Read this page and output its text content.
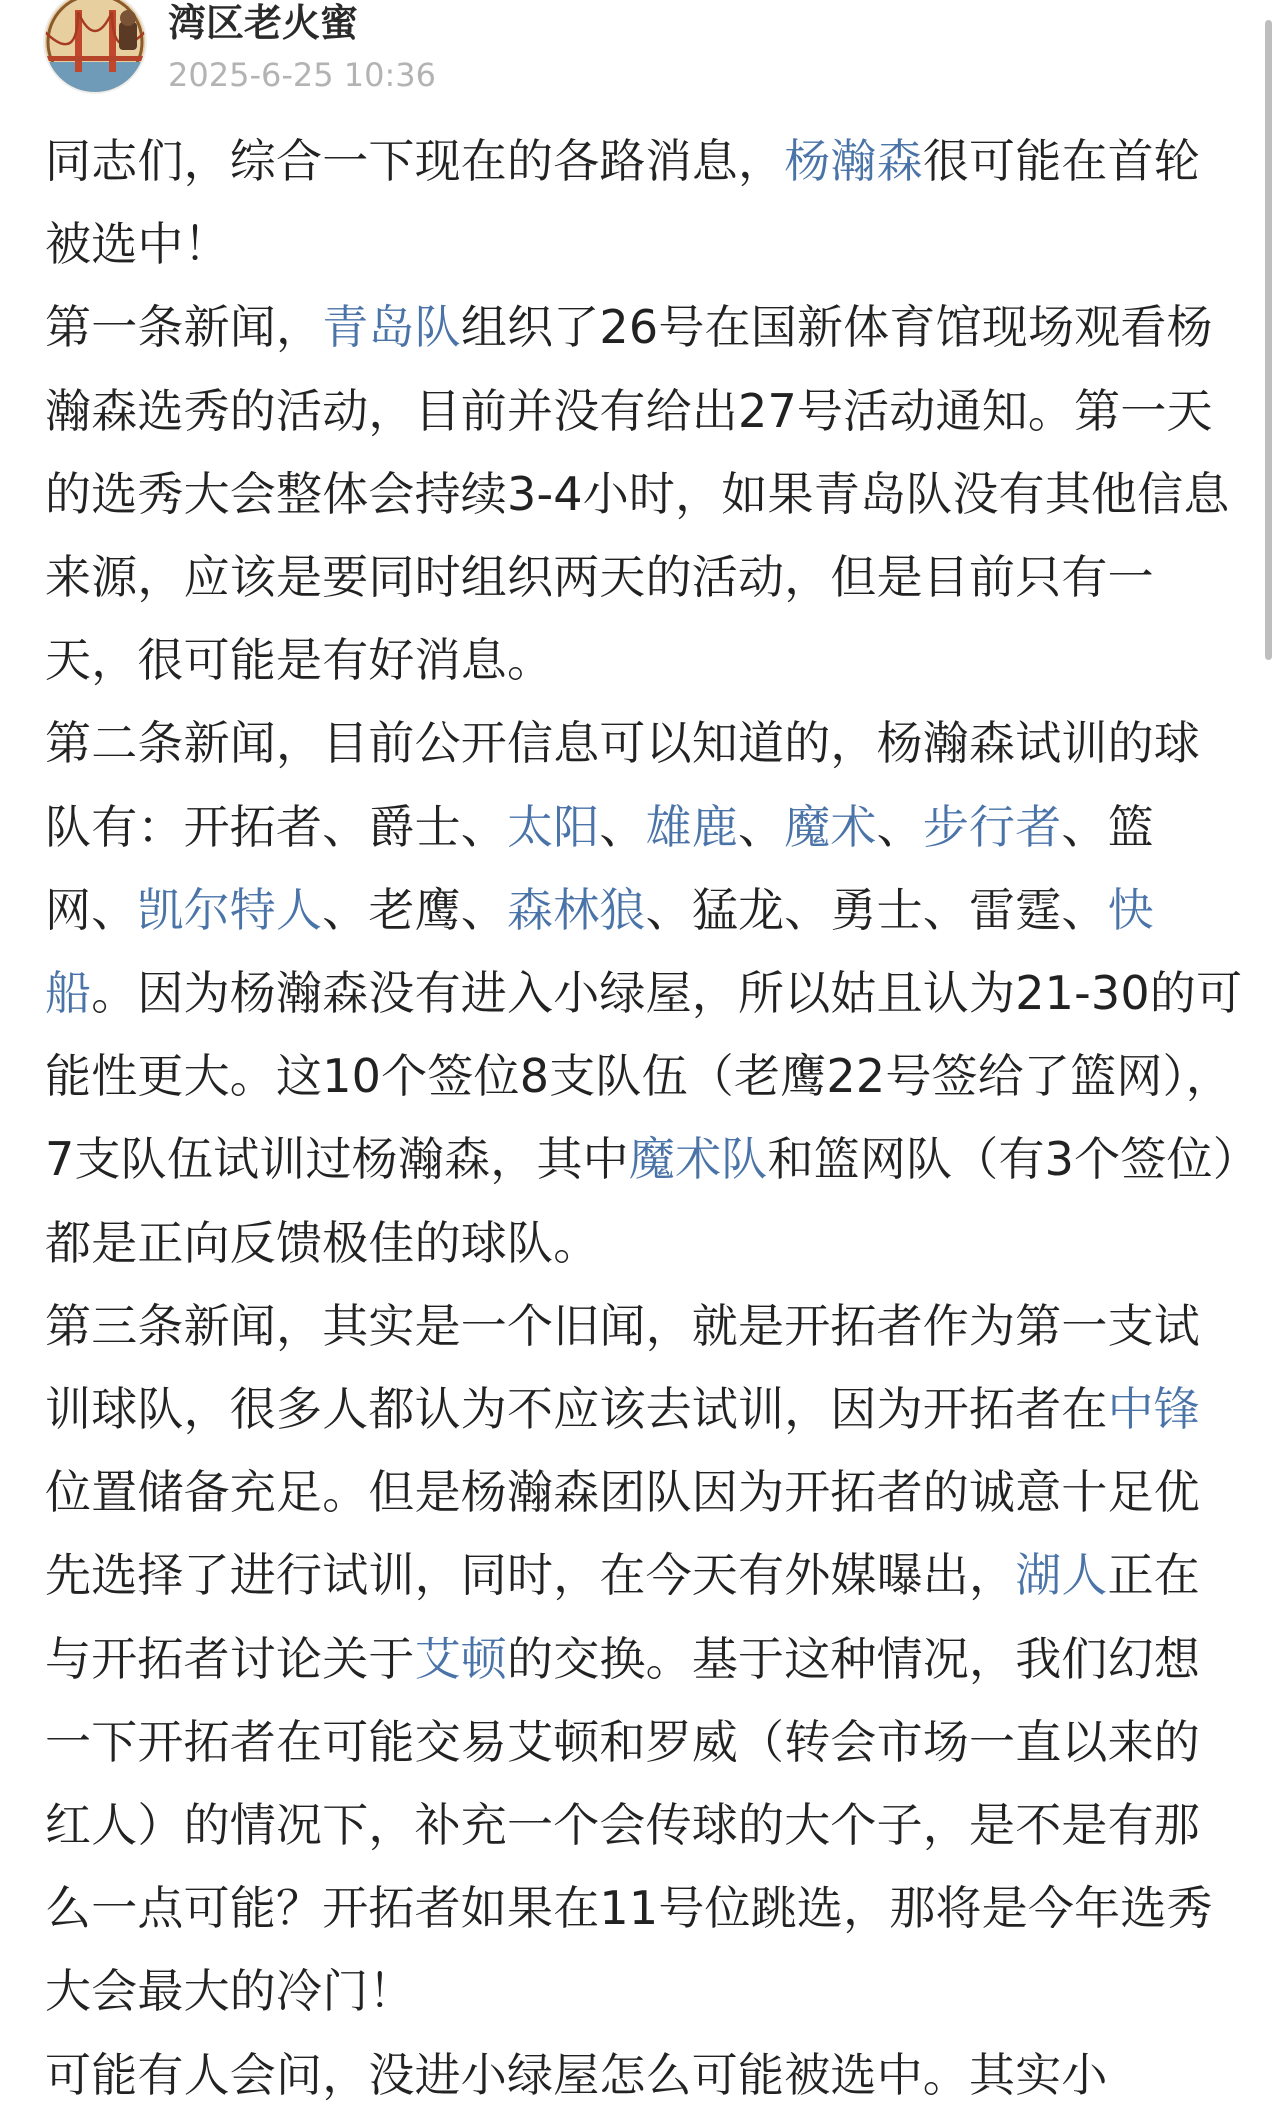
湾区老火蜜
2025-6-25 10:36

同志们，综合一下现在的各路消息，杨瀚森很可能在首轮被选中！

第一条新闻，青岛队组织了26号在国新体育馆现场观看杨瀚森选秀的活动，目前并没有给出27号活动通知。第一天的选秀大会整体会持续3-4小时，如果青岛队没有其他信息来源，应该是要同时组织两天的活动，但是目前只有一天，很可能是有好消息。

第二条新闻，目前公开信息可以知道的，杨瀚森试训的球队有：开拓者、爵士、太阳、雄鹿、魔术、步行者、篮网、凯尔特人、老鹰、森林狼、猛龙、勇士、雷霆、快船。因为杨瀚森没有进入小绿屋，所以姑且认为21-30的可能性更大。这10个签位8支队伍（老鹰22号签给了篮网），7支队伍试训过杨瀚森，其中魔术队和篮网队（有3个签位）都是正向反馈极佳的球队。

第三条新闻，其实是一个旧闻，就是开拓者作为第一支试训球队，很多人都认为不应该去试训，因为开拓者在中锋位置储备充足。但是杨瀚森团队因为开拓者的诚意十足优先选择了进行试训，同时，在今天有外媒曝出，湖人正在与开拓者讨论关于艾顿的交换。基于这种情况，我们幻想一下开拓者在可能交易艾顿和罗威（转会市场一直以来的红人）的情况下，补充一个会传球的大个子，是不是有那么一点可能？开拓者如果在11号位跳选，那将是今年选秀大会最大的冷门！

可能有人会问，没进小绿屋怎么可能被选中。其实小
